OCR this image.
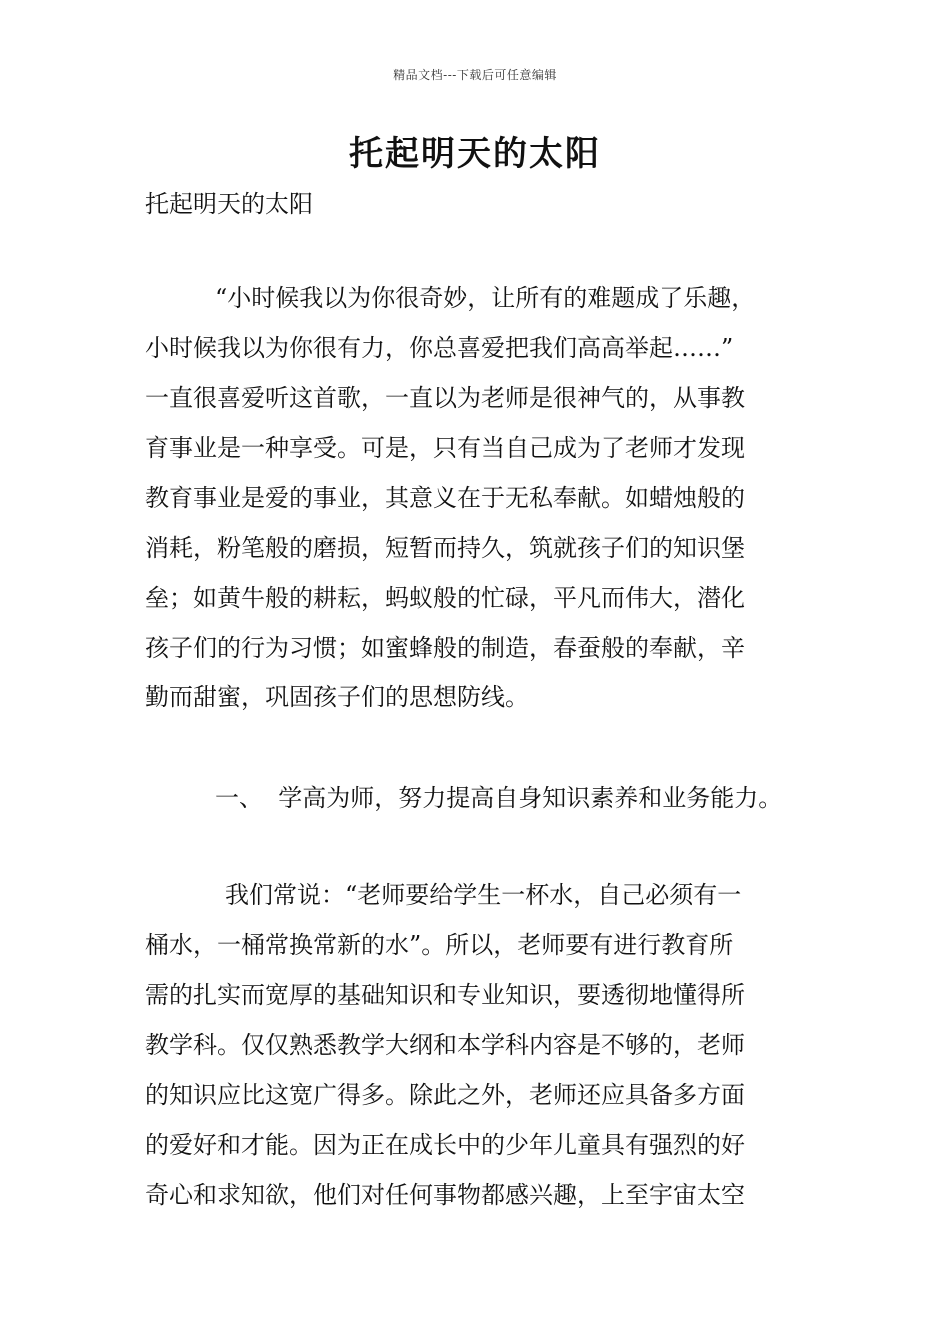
精品文档---下载后可任意编辑
托起明天的太阳
托起明天的太阳
“小时候我以为你很奇妙，让所有的难题成了乐趣，
小时候我以为你很有力，你总喜爱把我们高高举起……”
一直很喜爱听这首歌，一直以为老师是很神气的，从事教
育事业是一种享受。可是，只有当自己成为了老师才发现
教育事业是爱的事业，其意义在于无私奉献。如蜡烛般的
消耗，粉笔般的磨损，短暂而持久，筑就孩子们的知识堡
垒；如黄牛般的耕耘，蚂蚁般的忙碌，平凡而伟大，潜化
孩子们的行为习惯；如蜜蜂般的制造，春蚕般的奉献，辛
勤而甜蜜，巩固孩子们的思想防线。
一、  学高为师，努力提高自身知识素养和业务能力。
我们常说：“老师要给学生一杯水，自己必须有一
桶水，一桶常换常新的水”。所以，老师要有进行教育所
需的扎实而宽厚的基础知识和专业知识，要透彻地懂得所
教学科。仅仅熟悉教学大纲和本学科内容是不够的，老师
的知识应比这宽广得多。除此之外，老师还应具备多方面
的爱好和才能。因为正在成长中的少年儿童具有强烈的好
奇心和求知欲，他们对任何事物都感兴趣，上至宇宙太空
